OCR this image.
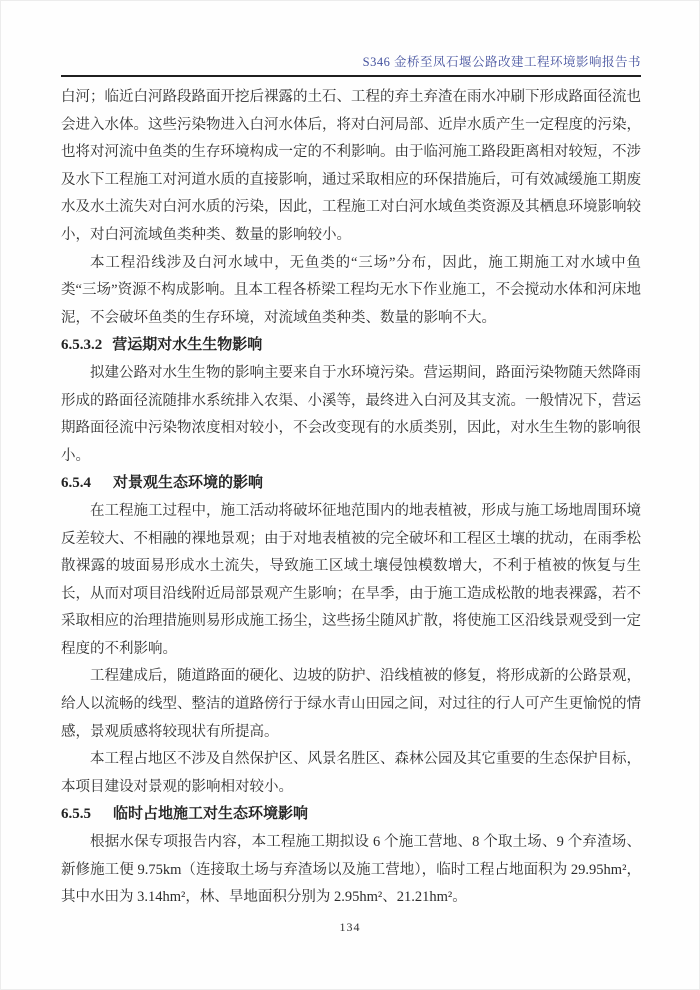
S346 金桥至凤石堰公路改建工程环境影响报告书

白河；临近白河路段路面开挖后裸露的土石、工程的弃土弃渣在雨水冲刷下形成路面径流也会进入水体。这些污染物进入白河水体后，将对白河局部、近岸水质产生一定程度的污染，也将对河流中鱼类的生存环境构成一定的不利影响。由于临河施工路段距离相对较短，不涉及水下工程施工对河道水质的直接影响，通过采取相应的环保措施后，可有效减缓施工期废水及水土流失对白河水质的污染，因此，工程施工对白河水域鱼类资源及其栖息环境影响较小，对白河流域鱼类种类、数量的影响较小。

本工程沿线涉及白河水域中，无鱼类的“三场”分布，因此，施工期施工对水域中鱼类“三场”资源不构成影响。且本工程各桥梁工程均无水下作业施工，不会搅动水体和河床地泥，不会破坏鱼类的生存环境，对流域鱼类种类、数量的影响不大。

6.5.3.2 营运期对水生生物影响

拟建公路对水生生物的影响主要来自于水环境污染。营运期间，路面污染物随天然降雨形成的路面径流随排水系统排入农渠、小溪等，最终进入白河及其支流。一般情况下，营运期路面径流中污染物浓度相对较小，不会改变现有的水质类别，因此，对水生生物的影响很小。

6.5.4 对景观生态环境的影响

在工程施工过程中，施工活动将破坏征地范围内的地表植被，形成与施工场地周围环境反差较大、不相融的裸地景观；由于对地表植被的完全破坏和工程区土壤的扰动，在雨季松散裸露的坡面易形成水土流失，导致施工区域土壤侵蚀模数增大，不利于植被的恢复与生长，从而对项目沿线附近局部景观产生影响；在旱季，由于施工造成松散的地表裸露，若不采取相应的治理措施则易形成施工扬尘，这些扬尘随风扩散，将使施工区沿线景观受到一定程度的不利影响。

工程建成后，随道路面的硬化、边坡的防护、沿线植被的修复，将形成新的公路景观，给人以流畅的线型、整洁的道路傍行于绿水青山田园之间，对过往的行人可产生更愉悦的情感，景观质感将较现状有所提高。

本工程占地区不涉及自然保护区、风景名胜区、森林公园及其它重要的生态保护目标，本项目建设对景观的影响相对较小。

6.5.5 临时占地施工对生态环境影响

根据水保专项报告内容，本工程施工期拟设 6 个施工营地、8 个取土场、9 个弃渣场、新修施工便 9.75km（连接取土场与弃渣场以及施工营地），临时工程占地面积为 29.95hm²，其中水田为 3.14hm²，林、旱地面积分别为 2.95hm²、21.21hm²。

134
